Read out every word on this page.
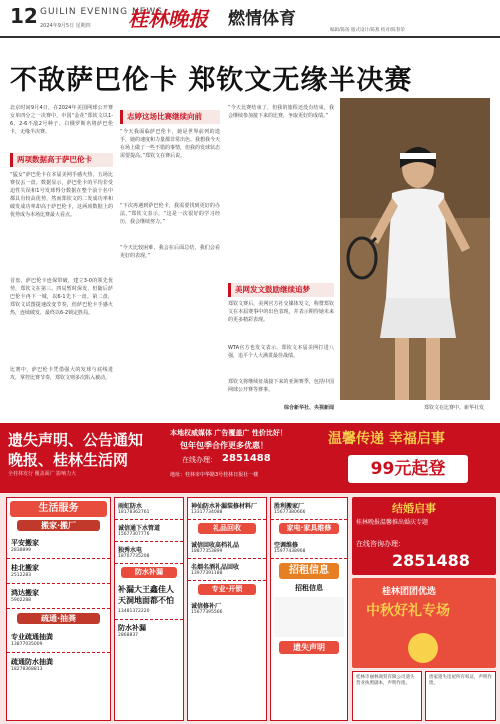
12 GUILIN EVENING NEWS
2024年9月5日 星期四 桂林晚报 燃情体育
编辑/陈扬 版式设计/陈燕 校对/陈春荣
不敌萨巴伦卡 郑钦文无缘半决赛
北京时间9月4日，在2024年美国网球公开赛女单四分之一决赛中，中国“金花”郑钦文以1-6、2-6不敌2号种子、白俄罗斯名将萨巴伦卡，无缘半决赛。
两项数据高于萨巴伦卡
“猛女”萨巴伦卡在本届美网手感火热，五场比赛仅丢一盘。数据显示，萨巴伦卡的平均非受迫性失误和1号发球得分数据在整个前十名中都具有较高优势，然而郑钦文的二发成功率和破发成功率却高于萨巴伦卡，这两项数据上的优势成为本场比赛最大看点。
首盘，萨巴伦卡连保带破，建立3-0的领先优势，郑钦文在第三、四局暂时保发，但随后萨巴伦卡再下一城，以6-1先下一盘。第二盘，郑钦文试图提速改变节奏，但萨巴伦卡手感火热，连续破发，最终以6-2锁定胜局。
比赛中，萨巴伦卡凭借强大的发球与底线进攻，掌控比赛节奏，郑钦文则多次陷入被动。
志婷这场比赛继续向前
“今天我面临萨巴伦卡，她是世界前列的选手，她的速度和力量都非常出色。我想我今天在场上做了一些不错的事情，但我的发球状态需要提高。”郑钦文在赛后说。
“下次再遇到萨巴伦卡，我需要找到更好的办法，”郑钦文表示，“这是一次很好的学习经历，我会继续努力。”
“今天比较困难，我会在后面总结，我们会看更好的表现。”
“今天比赛结束了，但我的旅程还没有结束，我会继续参加接下来的比赛，争取更好的成绩。”
美网发文鼓励继续追梦
郑钦文赛后，美网官方社交媒体发文，称赞郑钦文在本届赛事中的出色表现，并表示期待她未来的更多精彩表现。
WTA官方也发文表示，郑钦文本届美网打进八强，追平个人大满贯最佳战绩。
郑钦文将继续征战接下来的亚洲赛季，包括中国网球公开赛等赛事。
综合新华社、央视新闻	郑钦文在比赛中。新华社发
遗失声明、公告通知
晚报、桂林生活网
全桂林发行 覆盖面广 影响力大
本地权威媒体 广告覆盖广 性价比好！
包年包季合作更多优惠！
在线办理： 2851488
地址：桂林市中华路3号桂林日报社一楼
温馨传递 幸福启事
99元起登
生活服务
搬家·搬厂
平安搬家
2838899
桂北搬家
2512283
鸿达搬家
5902288
疏通·抽粪
专业疏通抽粪
13877035009
疏通防水抽粪
18278368813
雨虹防水
18178362761
诚信通下水管道
15677307776
独秀水电
18707735208
防水补漏
补漏大王鑫佳人 天洞地面都不怕
13481372220
防水补漏
2868837
神仙防水补漏装修材料厂
13317734088
礼品回收
诚信回收高档礼品
18877353899
名烟名酒礼品回收
13977391188
专业·开锁
诚信修补厂
15677395566
胜利搬家厂
15677380666
家电·家具维修
空调维修
15977438968
招租信息
招租信息
遗失声明
结婚启事
桂林晚报温馨推出婚庆专题
在线咨询办理：
2851488
桂林团团优选
中秋好礼专场
桂林市丽林商贸有限公司遗失营业执照副本，声明作废。
唐家遗失房屋所有权证，声明作废。
